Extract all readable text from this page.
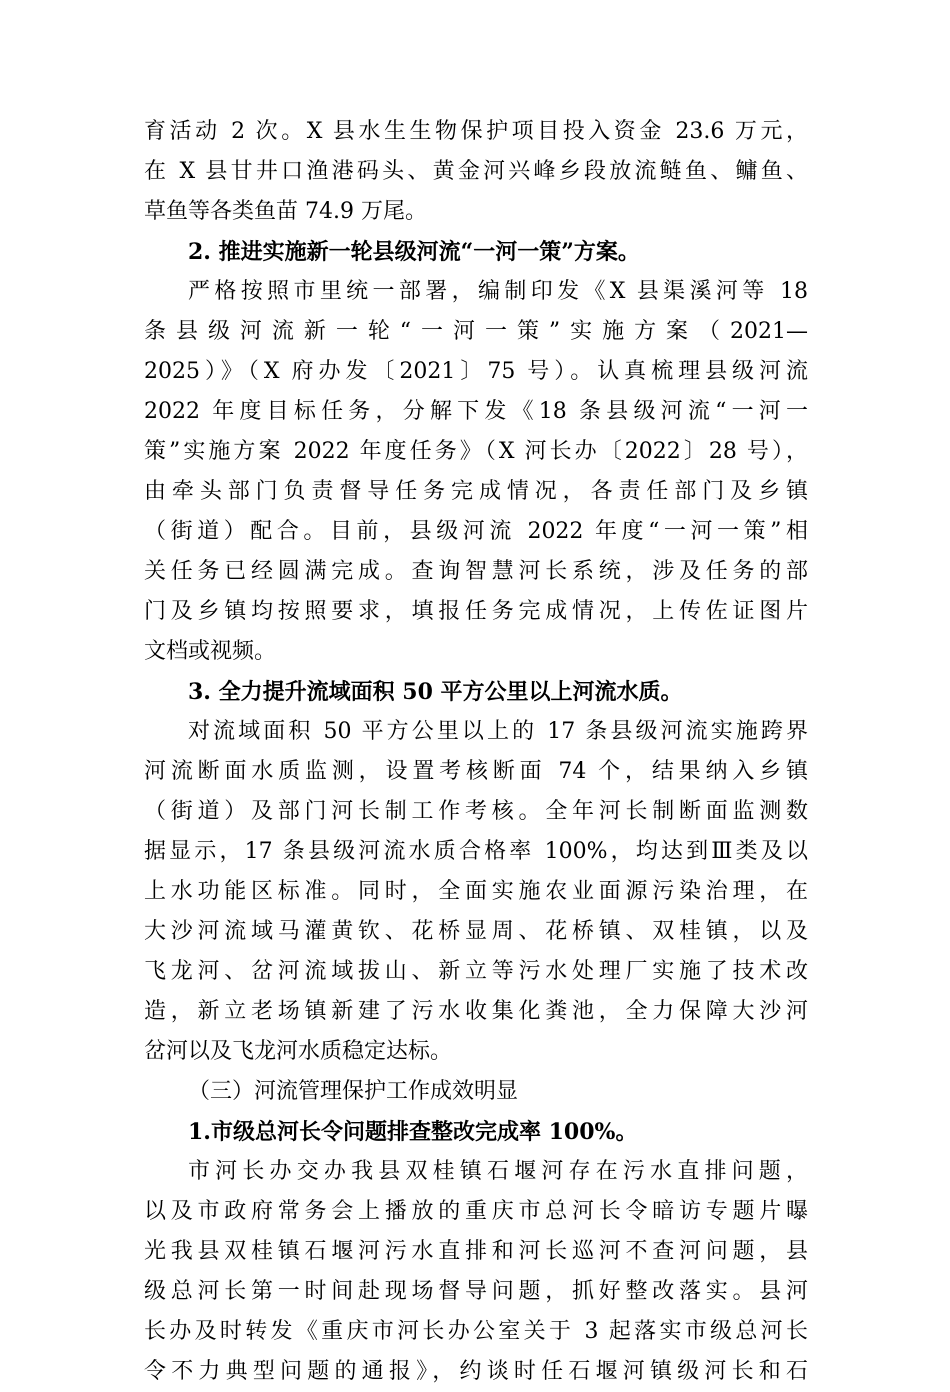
育活动 2 次。X 县水生生物保护项目投入资金 23.6 万元，
在 X 县甘井口渔港码头、黄金河兴峰乡段放流鲢鱼、鳙鱼、
草鱼等各类鱼苗 74.9 万尾。
2. 推进实施新一轮县级河流“一河一策”方案。
严格按照市里统一部署，编制印发《X 县渠溪河等 18
条县级河流新一轮“一河一策”实施方案（2021—
2025）》（X 府办发〔2021〕75 号）。认真梳理县级河流
2022 年度目标任务，分解下发《18 条县级河流“一河一
策”实施方案 2022 年度任务》（X 河长办〔2022〕28 号），
由牵头部门负责督导任务完成情况，各责任部门及乡镇
（街道）配合。目前，县级河流 2022 年度“一河一策”相
关任务已经圆满完成。查询智慧河长系统，涉及任务的部
门及乡镇均按照要求，填报任务完成情况，上传佐证图片
文档或视频。
3. 全力提升流域面积 50 平方公里以上河流水质。
对流域面积 50 平方公里以上的 17 条县级河流实施跨界
河流断面水质监测，设置考核断面 74 个，结果纳入乡镇
（街道）及部门河长制工作考核。全年河长制断面监测数
据显示，17 条县级河流水质合格率 100%，均达到Ⅲ类及以
上水功能区标准。同时，全面实施农业面源污染治理，在
大沙河流域马灌黄钦、花桥显周、花桥镇、双桂镇，以及
飞龙河、岔河流域拔山、新立等污水处理厂实施了技术改
造，新立老场镇新建了污水收集化粪池，全力保障大沙河
岔河以及飞龙河水质稳定达标。
（三）河流管理保护工作成效明显
1.市级总河长令问题排查整改完成率 100%。
市河长办交办我县双桂镇石堰河存在污水直排问题，
以及市政府常务会上播放的重庆市总河长令暗访专题片曝
光我县双桂镇石堰河污水直排和河长巡河不查河问题，县
级总河长第一时间赴现场督导问题，抓好整改落实。县河
长办及时转发《重庆市河长办公室关于 3 起落实市级总河长
令不力典型问题的通报》，约谈时任石堰河镇级河长和石
